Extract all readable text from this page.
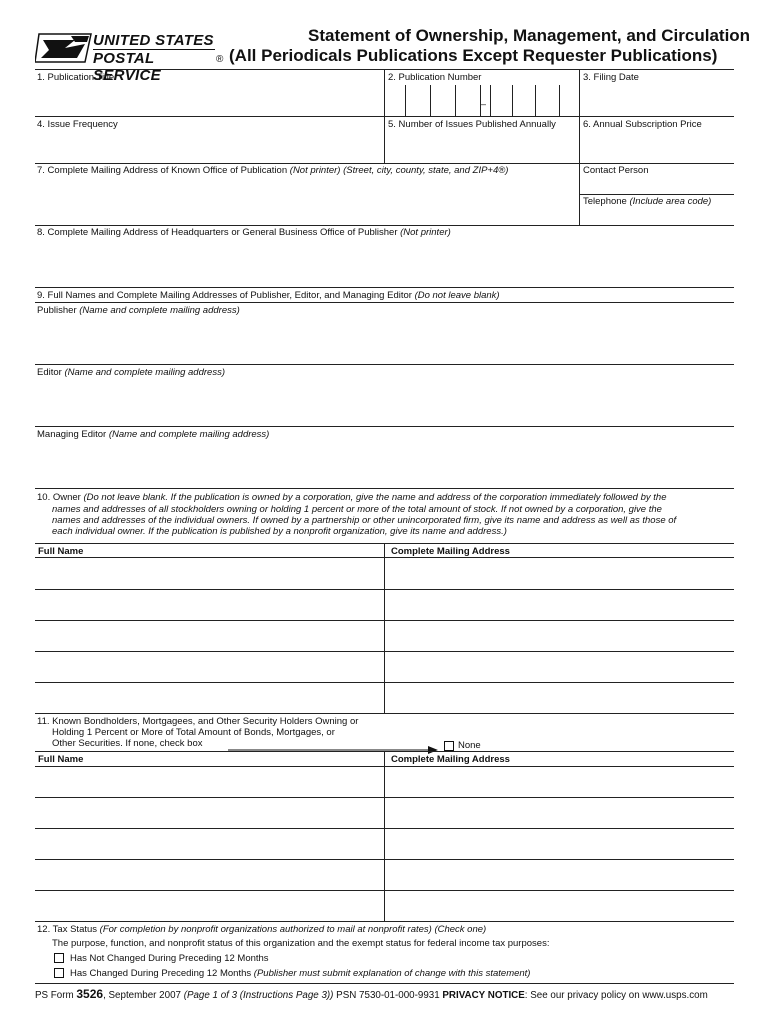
UNITED STATES
POSTAL SERVICE
®
Statement of Ownership, Management, and Circulation
(All Periodicals Publications Except Requester Publications)
1. Publication Title	2. Publication Number
–
3. Filing Date
4. Issue Frequency	5. Number of Issues Published Annually	6. Annual Subscription Price
7. Complete Mailing Address of Known Office of Publication (Not printer) (Street, city, county, state, and ZIP+4®)	Contact Person
Telephone (Include area code)
8. Complete Mailing Address of Headquarters or General Business Office of Publisher (Not printer)
9. Full Names and Complete Mailing Addresses of Publisher, Editor, and Managing Editor (Do not leave blank)
Publisher (Name and complete mailing address)
Editor (Name and complete mailing address)
Managing Editor (Name and complete mailing address)
10. Owner (Do not leave blank. If the publication is owned by a corporation, give the name and address of the corporation immediately followed by the
names and addresses of all stockholders owning or holding 1 percent or more of the total amount of stock. If not owned by a corporation, give the
names and addresses of the individual owners. If owned by a partnership or other unincorporated firm, give its name and address as well as those of
each individual owner. If the publication is published by a nonprofit organization, give its name and address.)
Full Name	Complete Mailing Address
11. Known Bondholders, Mortgagees, and Other Security Holders Owning or
Holding 1 Percent or More of Total Amount of Bonds, Mortgages, or
Other Securities. If none, check box	None
Full Name	Complete Mailing Address
12. Tax Status (For completion by nonprofit organizations authorized to mail at nonprofit rates) (Check one)
The purpose, function, and nonprofit status of this organization and the exempt status for federal income tax purposes:
Has Not Changed During Preceding 12 Months
Has Changed During Preceding 12 Months (Publisher must submit explanation of change with this statement)
PS Form 3526, September 2007 (Page 1 of 3 (Instructions Page 3)) PSN 7530-01-000-9931 PRIVACY NOTICE: See our privacy policy on www.usps.com
